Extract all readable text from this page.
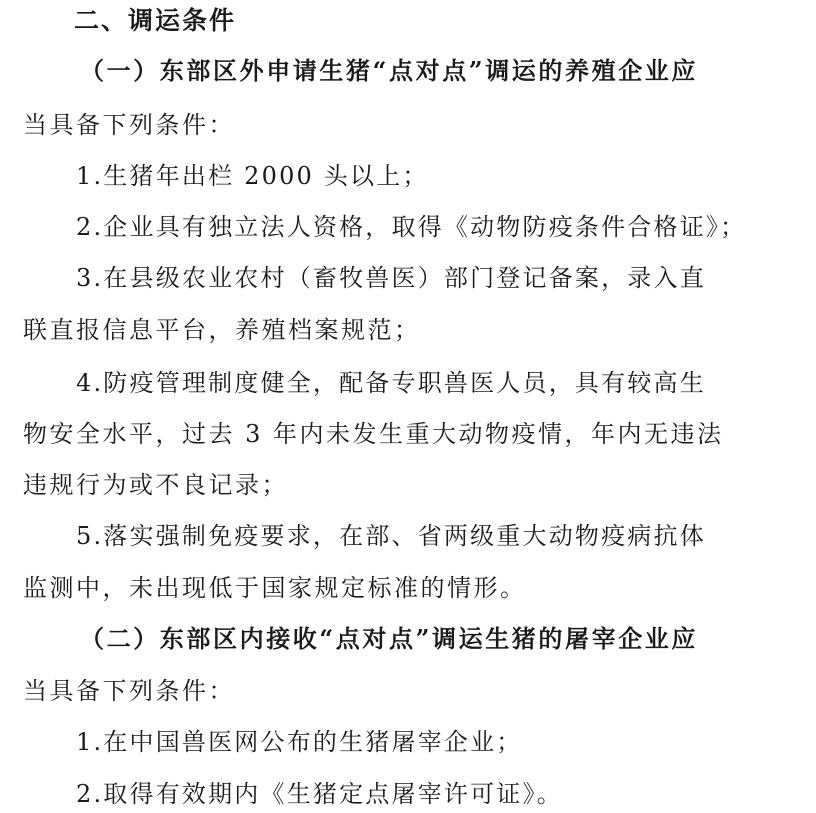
二、调运条件
（一）东部区外申请生猪“点对点”调运的养殖企业应
当具备下列条件：
1.生猪年出栏 2000 头以上；
2.企业具有独立法人资格，取得《动物防疫条件合格证》；
3.在县级农业农村（畜牧兽医）部门登记备案，录入直
联直报信息平台，养殖档案规范；
4.防疫管理制度健全，配备专职兽医人员，具有较高生
物安全水平，过去 3 年内未发生重大动物疫情，年内无违法
违规行为或不良记录；
5.落实强制免疫要求，在部、省两级重大动物疫病抗体
监测中，未出现低于国家规定标准的情形。
（二）东部区内接收“点对点”调运生猪的屠宰企业应
当具备下列条件：
1.在中国兽医网公布的生猪屠宰企业；
2.取得有效期内《生猪定点屠宰许可证》。
